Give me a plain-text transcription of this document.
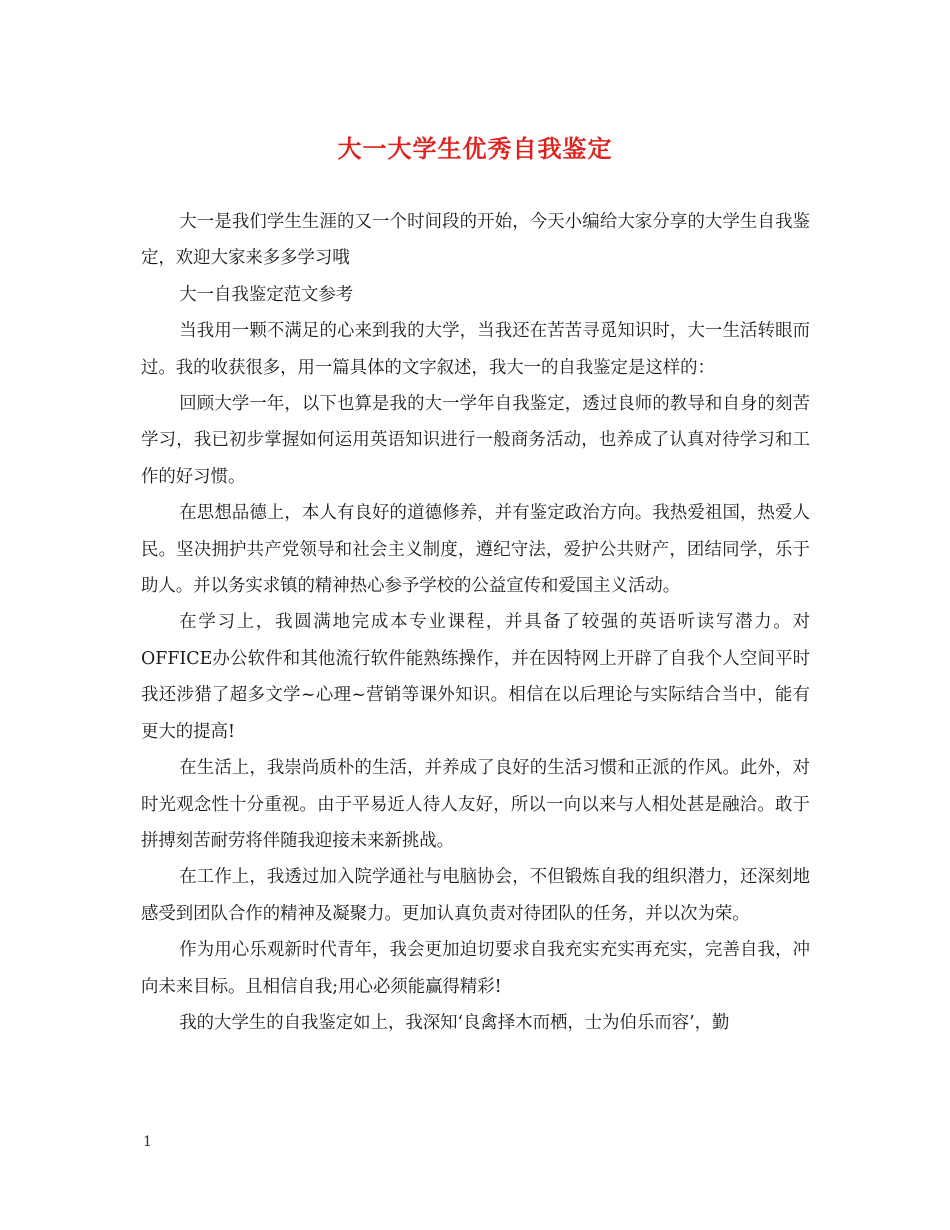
大一大学生优秀自我鉴定

大一是我们学生生涯的又一个时间段的开始，今天小编给大家分享的大学生自我鉴定，欢迎大家来多多学习哦

大一自我鉴定范文参考

当我用一颗不满足的心来到我的大学，当我还在苦苦寻觅知识时，大一生活转眼而过。我的收获很多，用一篇具体的文字叙述，我大一的自我鉴定是这样的：

回顾大学一年，以下也算是我的大一学年自我鉴定，透过良师的教导和自身的刻苦学习，我已初步掌握如何运用英语知识进行一般商务活动，也养成了认真对待学习和工作的好习惯。

在思想品德上，本人有良好的道德修养，并有鉴定政治方向。我热爱祖国，热爱人民。坚决拥护共产党领导和社会主义制度，遵纪守法，爱护公共财产，团结同学，乐于助人。并以务实求镇的精神热心参予学校的公益宣传和爱国主义活动。

在学习上，我圆满地完成本专业课程，并具备了较强的英语听读写潜力。对OFFICE办公软件和其他流行软件能熟练操作，并在因特网上开辟了自我个人空间平时我还涉猎了超多文学~心理~营销等课外知识。相信在以后理论与实际结合当中，能有更大的提高!

在生活上，我崇尚质朴的生活，并养成了良好的生活习惯和正派的作风。此外，对时光观念性十分重视。由于平易近人待人友好，所以一向以来与人相处甚是融洽。敢于拼搏刻苦耐劳将伴随我迎接未来新挑战。

在工作上，我透过加入院学通社与电脑协会，不但锻炼自我的组织潜力，还深刻地感受到团队合作的精神及凝聚力。更加认真负责对待团队的任务，并以次为荣。

作为用心乐观新时代青年，我会更加迫切要求自我充实充实再充实，完善自我，冲向未来目标。且相信自我;用心必须能赢得精彩!

我的大学生的自我鉴定如上，我深知‘良禽择木而栖，士为伯乐而容’，勤

1
